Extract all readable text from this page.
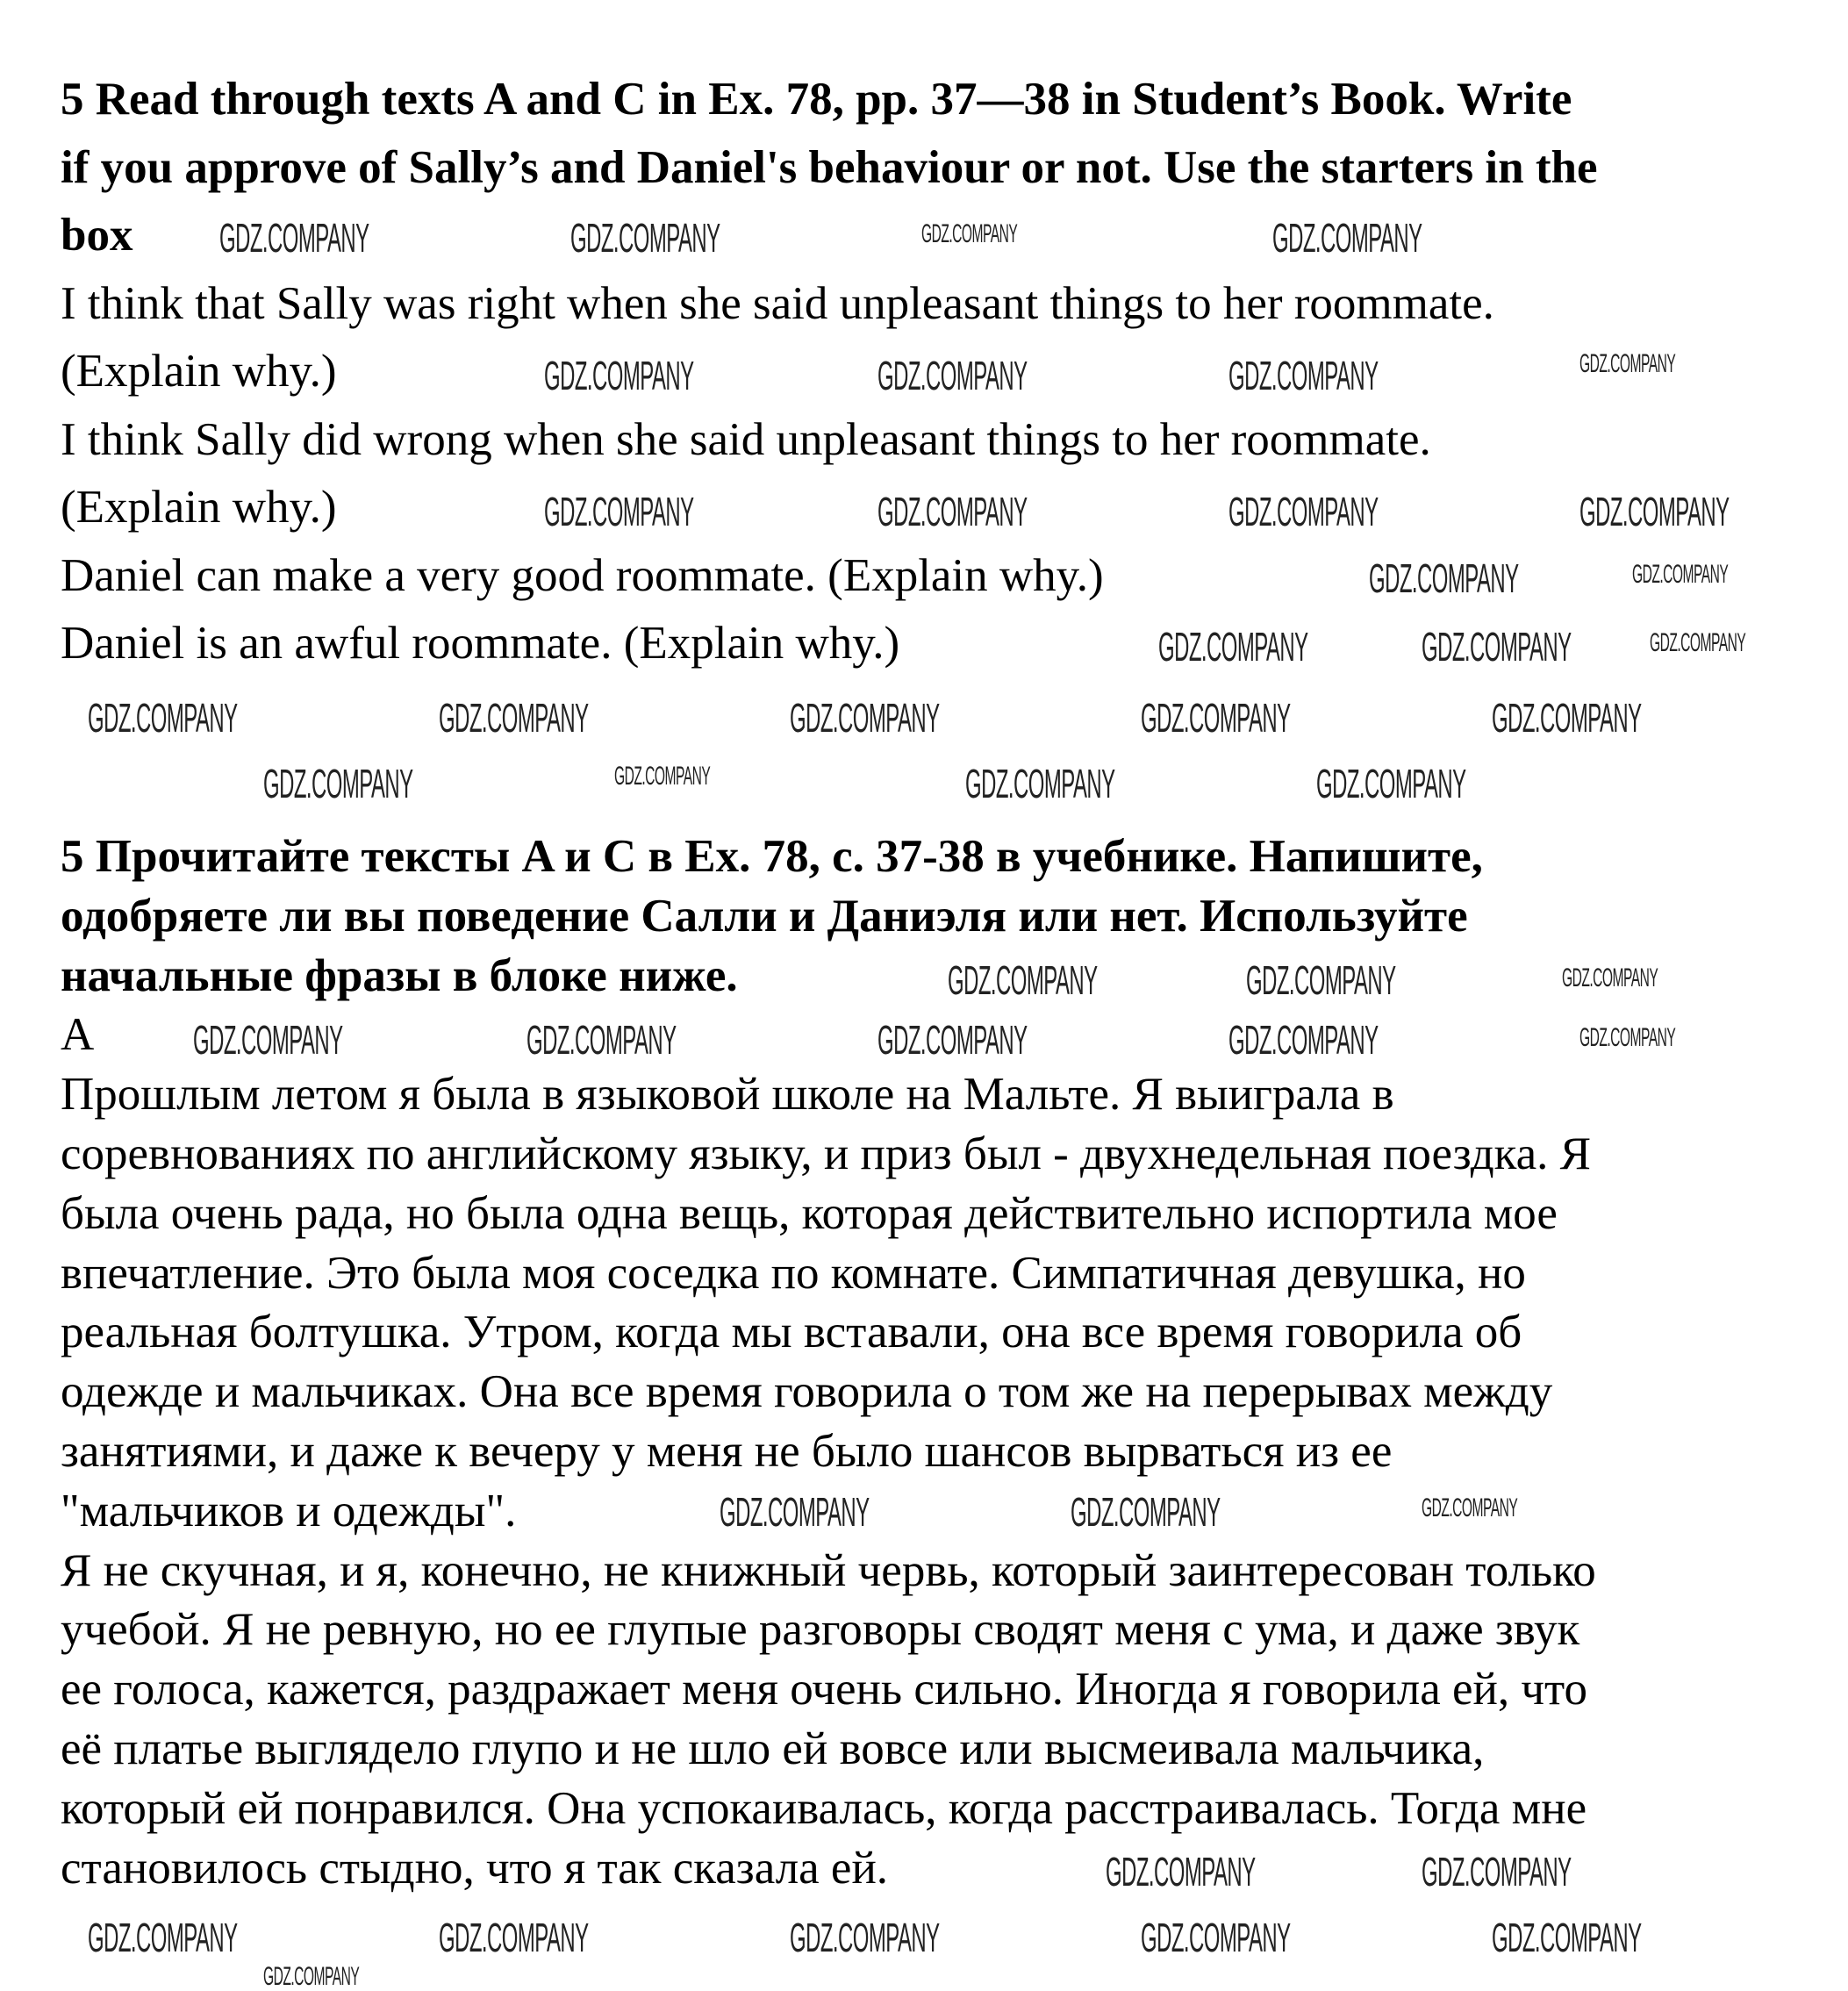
5 Read through texts A and C in Ex. 78, pp. 37—38 in Student’s Book. Write
if you approve of Sally’s and Daniel's behaviour or not. Use the starters in the
box
I think that Sally was right when she said unpleasant things to her roommate.
(Explain why.)
I think Sally did wrong when she said unpleasant things to her roommate.
(Explain why.)
Daniel can make a very good roommate. (Explain why.)
Daniel is an awful roommate. (Explain why.)
5 Прочитайте тексты A и C в Ex. 78, с. 37-38 в учебнике. Напишите,
одобряете ли вы поведение Салли и Даниэля или нет. Используйте
начальные фразы в блоке ниже.
A
Прошлым летом я была в языковой школе на Мальте. Я выиграла в
соревнованиях по английскому языку, и приз был - двухнедельная поездка. Я
была очень рада, но была одна вещь, которая действительно испортила мое
впечатление. Это была моя соседка по комнате. Симпатичная девушка, но
реальная болтушка. Утром, когда мы вставали, она все время говорила об
одежде и мальчиках. Она все время говорила о том же на перерывах между
занятиями, и даже к вечеру у меня не было шансов вырваться из ее
"мальчиков и одежды".
Я не скучная, и я, конечно, не книжный червь, который заинтересован только
учебой. Я не ревную, но ее глупые разговоры сводят меня с ума, и даже звук
ее голоса, кажется, раздражает меня очень сильно. Иногда я говорила ей, что
её платье выглядело глупо и не шло ей вовсе или высмеивала мальчика,
который ей понравился. Она успокаивалась, когда расстраивалась. Тогда мне
становилось стыдно, что я так сказала ей.
GDZ.COMPANY	GDZ.COMPANY	GDZ.COMPANY	GDZ.COMPANY
GDZ.COMPANY	GDZ.COMPANY	GDZ.COMPANY	GDZ.COMPANY
GDZ.COMPANY	GDZ.COMPANY	GDZ.COMPANY	GDZ.COMPANY
GDZ.COMPANY	GDZ.COMPANY
GDZ.COMPANY	GDZ.COMPANY	GDZ.COMPANY
GDZ.COMPANY	GDZ.COMPANY	GDZ.COMPANY	GDZ.COMPANY	GDZ.COMPANY
GDZ.COMPANY	GDZ.COMPANY	GDZ.COMPANY	GDZ.COMPANY
GDZ.COMPANY	GDZ.COMPANY	GDZ.COMPANY
GDZ.COMPANY	GDZ.COMPANY	GDZ.COMPANY	GDZ.COMPANY	GDZ.COMPANY
GDZ.COMPANY	GDZ.COMPANY	GDZ.COMPANY
GDZ.COMPANY	GDZ.COMPANY
GDZ.COMPANY	GDZ.COMPANY	GDZ.COMPANY	GDZ.COMPANY	GDZ.COMPANY
GDZ.COMPANY
